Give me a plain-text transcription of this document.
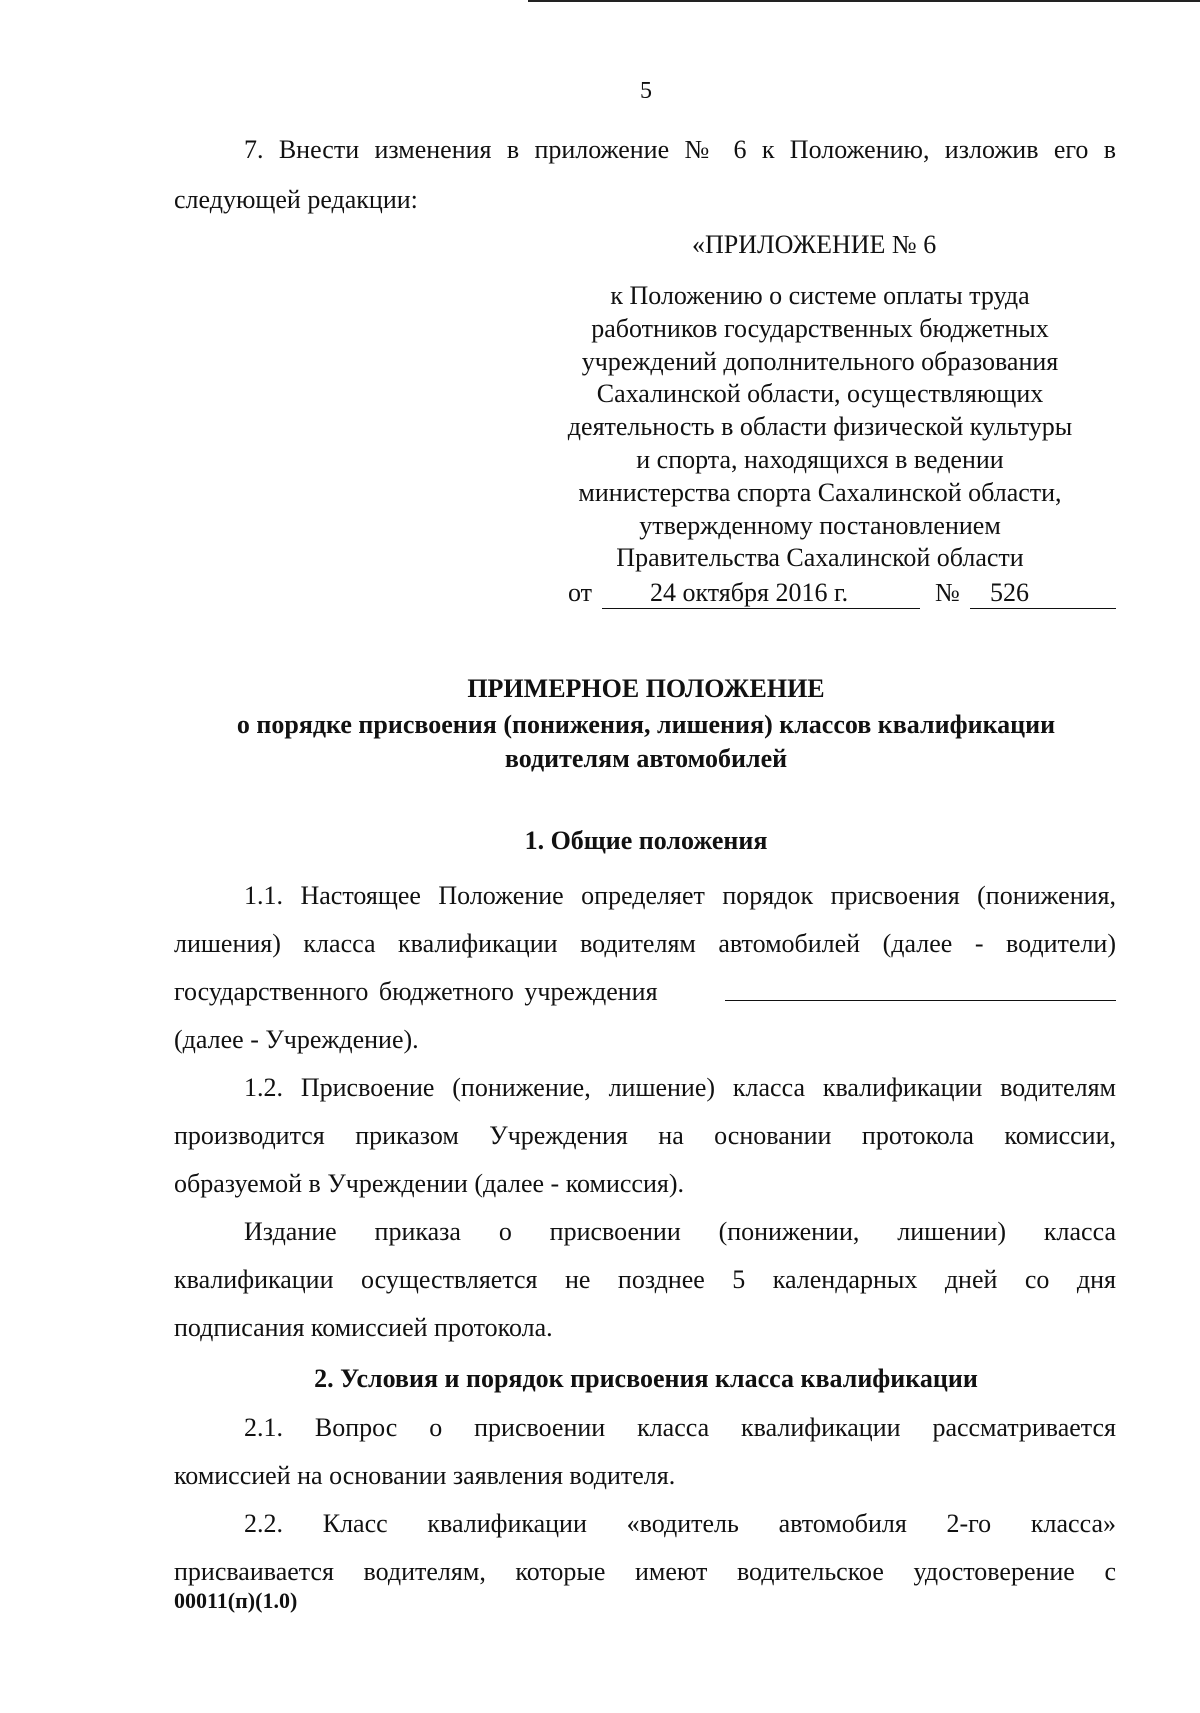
5
7. Внести изменения в приложение № 6 к Положению, изложив его в
следующей редакции:
«ПРИЛОЖЕНИЕ № 6
к Положению о системе оплаты труда
работников государственных бюджетных
учреждений дополнительного образования
Сахалинской области, осуществляющих
деятельность в области физической культуры
и спорта, находящихся в ведении
министерства спорта Сахалинской области,
утвержденному постановлением
Правительства Сахалинской области
от 24 октября 2016 г.	№ 526
ПРИМЕРНОЕ ПОЛОЖЕНИЕ
о порядке присвоения (понижения, лишения) классов квалификации
водителям автомобилей
1. Общие положения
1.1. Настоящее Положение определяет порядок присвоения (понижения,
лишения) класса квалификации водителям автомобилей (далее - водители)
государственного бюджетного учреждения
(далее - Учреждение).
1.2. Присвоение (понижение, лишение) класса квалификации водителям
производится приказом Учреждения на основании протокола комиссии,
образуемой в Учреждении (далее - комиссия).
Издание приказа о присвоении (понижении, лишении) класса
квалификации осуществляется не позднее 5 календарных дней со дня
подписания комиссией протокола.
2. Условия и порядок присвоения класса квалификации
2.1. Вопрос о присвоении класса квалификации рассматривается
комиссией на основании заявления водителя.
2.2. Класс квалификации «водитель автомобиля 2-го класса»
присваивается водителям, которые имеют водительское удостоверение с
00011(п)(1.0)
